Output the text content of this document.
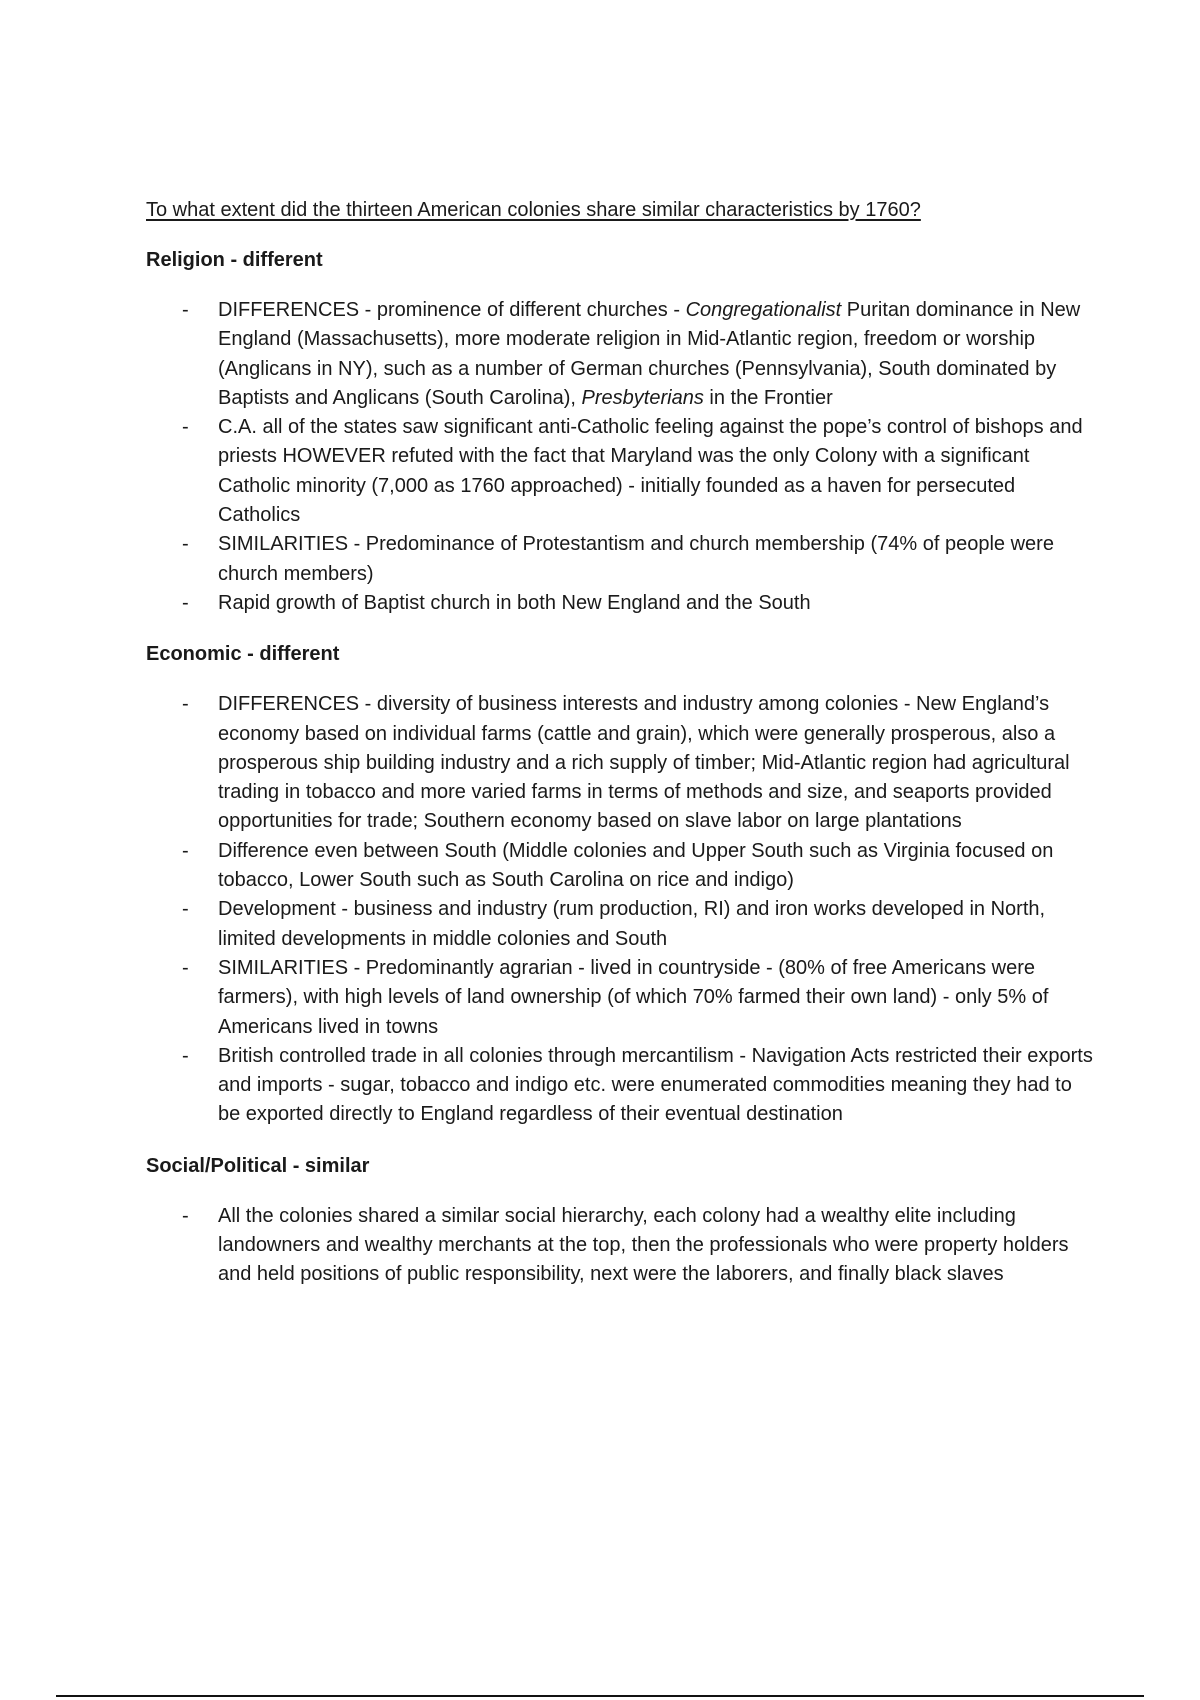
To what extent did the thirteen American colonies share similar characteristics by 1760?
Religion - different
-	DIFFERENCES - prominence of different churches - Congregationalist Puritan dominance in New England (Massachusetts), more moderate religion in Mid-Atlantic region, freedom or worship (Anglicans in NY), such as a number of German churches (Pennsylvania), South dominated by Baptists and Anglicans (South Carolina), Presbyterians in the Frontier
-	C.A. all of the states saw significant anti-Catholic feeling against the pope’s control of bishops and priests HOWEVER refuted with the fact that Maryland was the only Colony with a significant Catholic minority (7,000 as 1760 approached) - initially founded as a haven for persecuted Catholics
-	SIMILARITIES - Predominance of Protestantism and church membership (74% of people were church members)
-	Rapid growth of Baptist church in both New England and the South
Economic - different
-	DIFFERENCES - diversity of business interests and industry among colonies - New England’s economy based on individual farms (cattle and grain), which were generally prosperous, also a prosperous ship building industry and a rich supply of timber; Mid-Atlantic region had agricultural trading in tobacco and more varied farms in terms of methods and size, and seaports provided opportunities for trade; Southern economy based on slave labor on large plantations
-	Difference even between South (Middle colonies and Upper South such as Virginia focused on tobacco, Lower South such as South Carolina on rice and indigo)
-	Development - business and industry (rum production, RI) and iron works developed in North, limited developments in middle colonies and South
-	SIMILARITIES - Predominantly agrarian - lived in countryside - (80% of free Americans were farmers), with high levels of land ownership (of which 70% farmed their own land) - only 5% of Americans lived in towns
-	British controlled trade in all colonies through mercantilism - Navigation Acts restricted their exports and imports - sugar, tobacco and indigo etc. were enumerated commodities meaning they had to be exported directly to England regardless of their eventual destination
Social/Political - similar
-	All the colonies shared a similar social hierarchy, each colony had a wealthy elite including landowners and wealthy merchants at the top, then the professionals who were property holders and held positions of public responsibility, next were the laborers, and finally black slaves
